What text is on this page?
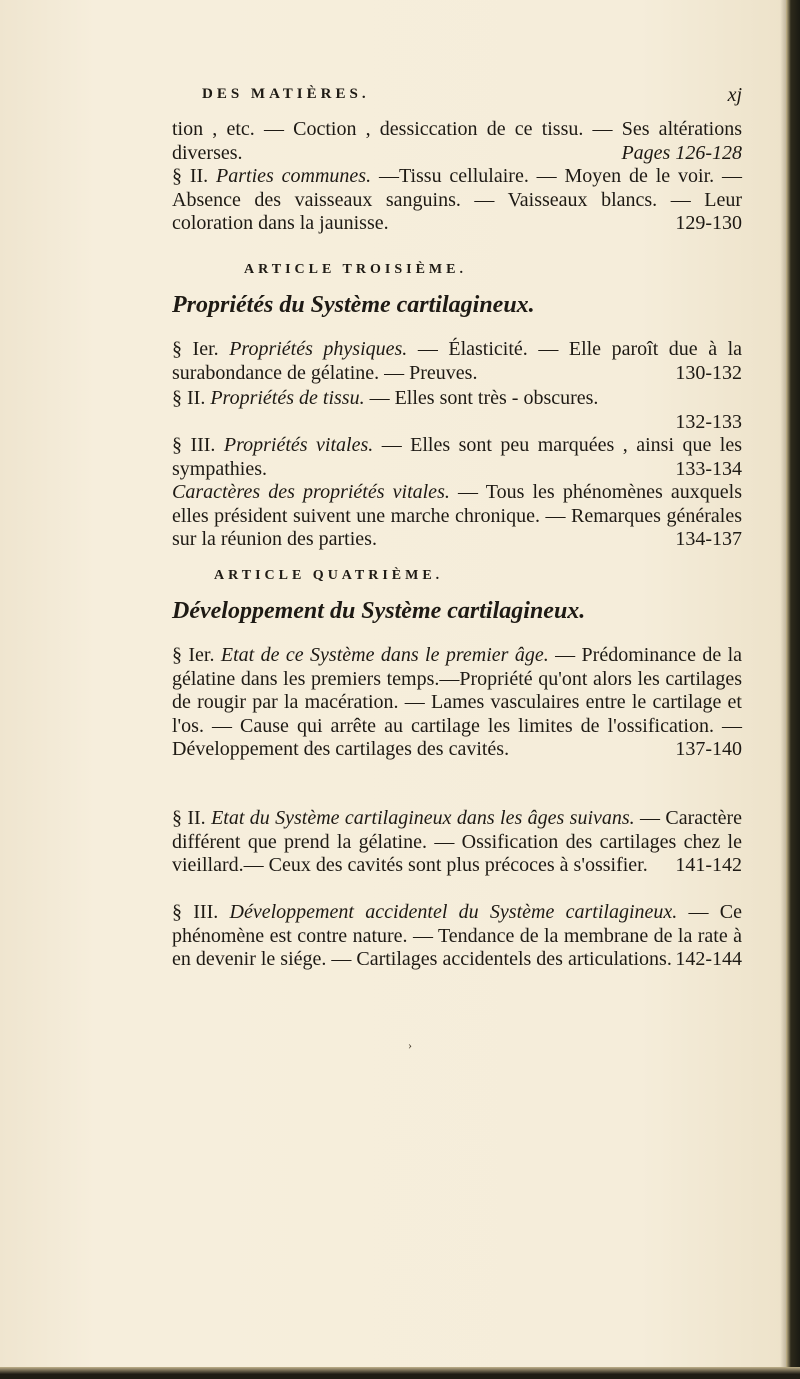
DES MATIÈRES.	xj

tion , etc. — Coction , dessiccation de ce tissu. — Ses altérations diverses.	Pages 126-128

§ II. Parties communes. —Tissu cellulaire. — Moyen de le voir. — Absence des vaisseaux sanguins. — Vaisseaux blancs. — Leur coloration dans la jaunisse.	129-130

ARTICLE TROISIÈME.
Propriétés du Système cartilagineux.

§ Ier. Propriétés physiques. — Élasticité. — Elle paroît due à la surabondance de gélatine. — Preuves.	130-132

§ II. Propriétés de tissu. — Elles sont très - obscures.

132-133

§ III. Propriétés vitales. — Elles sont peu marquées , ainsi que les sympathies.	133-134

Caractères des propriétés vitales. — Tous les phénomènes auxquels elles président suivent une marche chronique. — Remarques générales sur la réunion des parties.	134-137

ARTICLE QUATRIÈME.
Développement du Système cartilagineux.

§ Ier. Etat de ce Système dans le premier âge. — Prédominance de la gélatine dans les premiers temps.—Propriété qu'ont alors les cartilages de rougir par la macération. — Lames vasculaires entre le cartilage et l'os. — Cause qui arrête au cartilage les limites de l'ossification. — Développement des cartilages des cavités.	137-140

§ II. Etat du Système cartilagineux dans les âges suivans. — Caractère différent que prend la gélatine. — Ossification des cartilages chez le vieillard.— Ceux des cavités sont plus précoces à s'ossifier. 141-142

§ III. Développement accidentel du Système cartilagineux. — Ce phénomène est contre nature. — Tendance de la membrane de la rate à en devenir le siége. — Cartilages accidentels des articulations. 142-144

›
